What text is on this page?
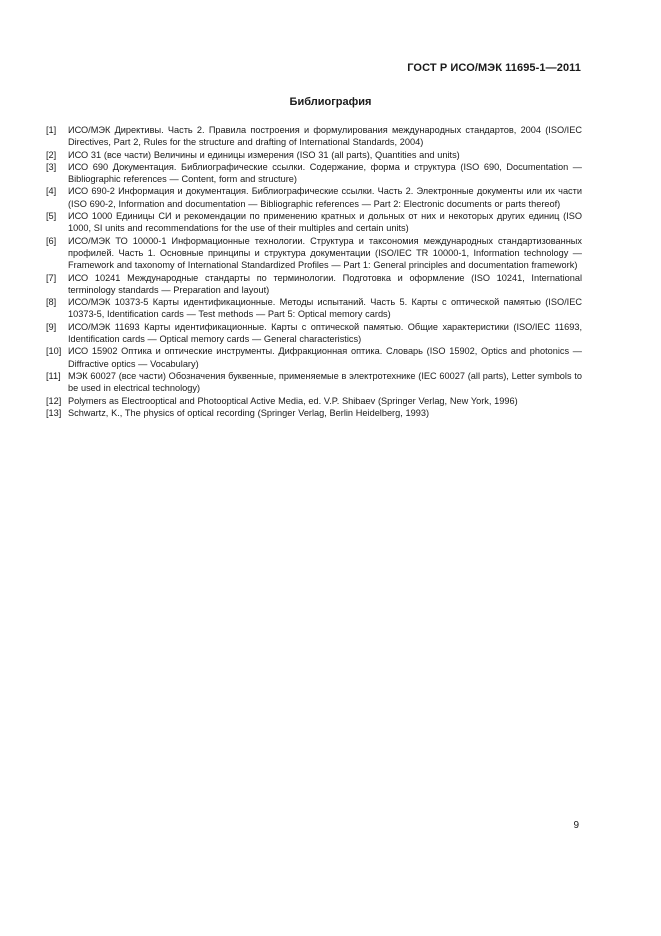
ГОСТ Р ИСО/МЭК 11695-1—2011
Библиография
[1]	ИСО/МЭК Директивы. Часть 2. Правила построения и формулирования международных стандартов, 2004 (ISO/IEC Directives, Part 2, Rules for the structure and drafting of International Standards, 2004)
[2]	ИСО 31 (все части) Величины и единицы измерения (ISO 31 (all parts), Quantities and units)
[3]	ИСО 690 Документация. Библиографические ссылки. Содержание, форма и структура (ISO 690, Documentation — Bibliographic references — Content, form and structure)
[4]	ИСО 690-2 Информация и документация. Библиографические ссылки. Часть 2. Электронные документы или их части (ISO 690-2, Information and documentation — Bibliographic references — Part 2: Electronic documents or parts thereof)
[5]	ИСО 1000 Единицы СИ и рекомендации по применению кратных и дольных от них и некоторых других единиц (ISO 1000, SI units and recommendations for the use of their multiples and certain units)
[6]	ИСО/МЭК ТО 10000-1 Информационные технологии. Структура и таксономия международных стандартизованных профилей. Часть 1. Основные принципы и структура документации (ISO/IEC TR 10000-1, Information technology — Framework and taxonomy of International Standardized Profiles — Part 1: General principles and documentation framework)
[7]	ИСО 10241 Международные стандарты по терминологии. Подготовка и оформление (ISO 10241, International terminology standards — Preparation and layout)
[8]	ИСО/МЭК 10373-5 Карты идентификационные. Методы испытаний. Часть 5. Карты с оптической памятью (ISO/IEC 10373-5, Identification cards — Test methods — Part 5: Optical memory cards)
[9]	ИСО/МЭК 11693 Карты идентификационные. Карты с оптической памятью. Общие характеристики (ISO/IEC 11693, Identification cards — Optical memory cards — General characteristics)
[10] ИСО 15902 Оптика и оптические инструменты. Дифракционная оптика. Словарь (ISO 15902, Optics and photonics — Diffractive optics — Vocabulary)
[11] МЭК 60027 (все части) Обозначения буквенные, применяемые в электротехнике (IEC 60027 (all parts), Letter symbols to be used in electrical technology)
[12] Polymers as Electrooptical and Photooptical Active Media, ed. V.P. Shibaev (Springer Verlag, New York, 1996)
[13] Schwartz, K., The physics of optical recording (Springer Verlag, Berlin Heidelberg, 1993)
9
